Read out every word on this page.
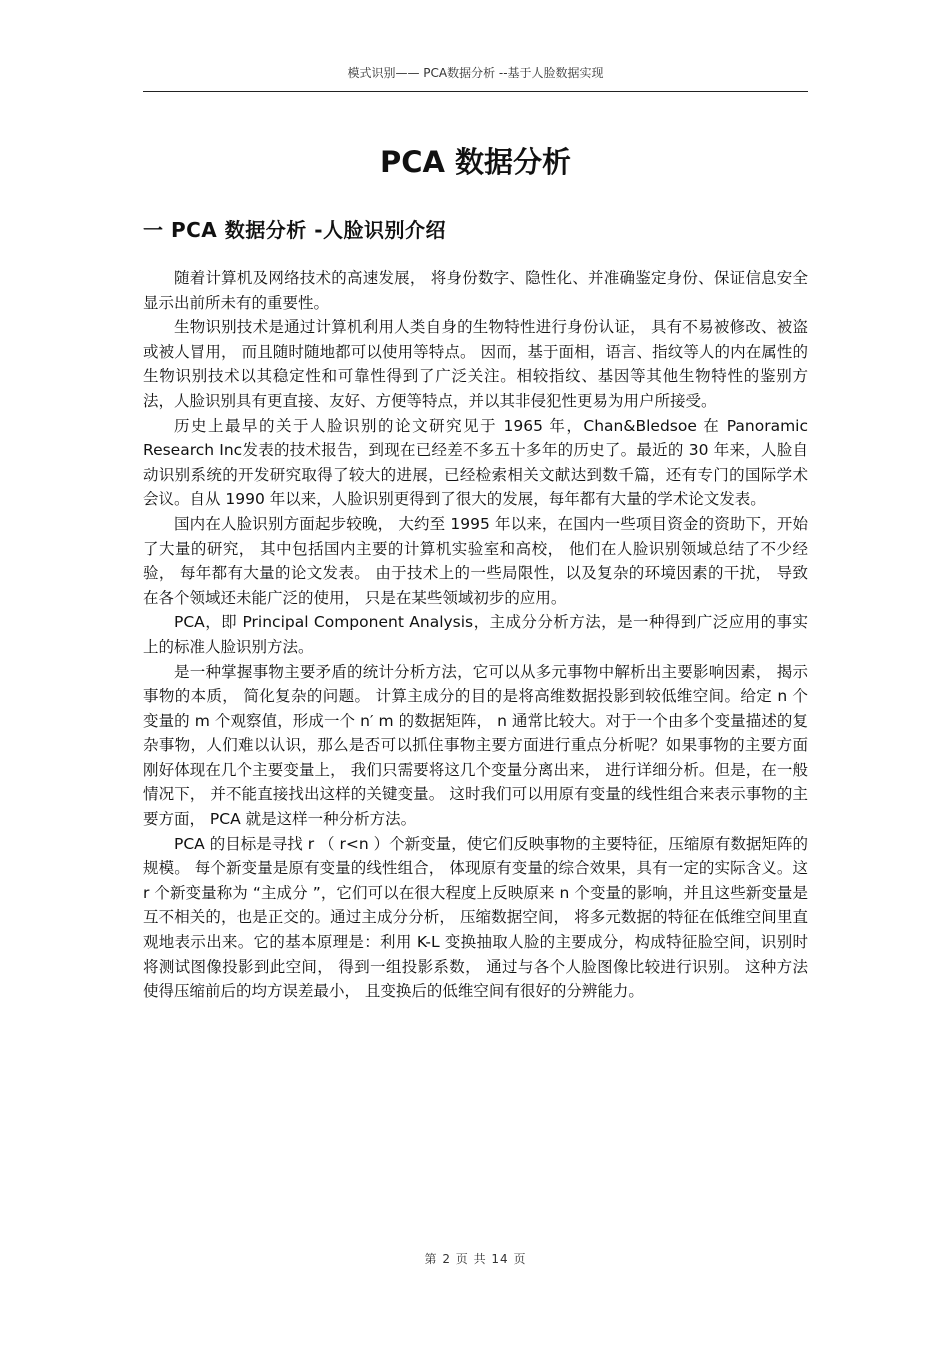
模式识别—— PCA数据分析 --基于人脸数据实现
PCA 数据分析
一 PCA 数据分析 -人脸识别介绍

随着计算机及网络技术的高速发展， 将身份数字、隐性化、并准确鉴定身份、保证信息安全显示出前所未有的重要性。

生物识别技术是通过计算机利用人类自身的生物特性进行身份认证， 具有不易被修改、被盗或被人冒用， 而且随时随地都可以使用等特点。 因而，基于面相，语言、指纹等人的内在属性的生物识别技术以其稳定性和可靠性得到了广泛关注。相较指纹、基因等其他生物特性的鉴别方法，人脸识别具有更直接、友好、方便等特点，并以其非侵犯性更易为用户所接受。

历史上最早的关于人脸识别的论文研究见于 1965 年，Chan&Bledsoe 在 Panoramic Research Inc发表的技术报告，到现在已经差不多五十多年的历史了。最近的 30 年来，人脸自动识别系统的开发研究取得了较大的进展，已经检索相关文献达到数千篇，还有专门的国际学术会议。自从 1990 年以来，人脸识别更得到了很大的发展，每年都有大量的学术论文发表。

国内在人脸识别方面起步较晚， 大约至 1995 年以来，在国内一些项目资金的资助下，开始了大量的研究， 其中包括国内主要的计算机实验室和高校， 他们在人脸识别领域总结了不少经验， 每年都有大量的论文发表。 由于技术上的一些局限性，以及复杂的环境因素的干扰， 导致在各个领域还未能广泛的使用， 只是在某些领域初步的应用。

PCA，即 Principal Component Analysis，主成分分析方法，是一种得到广泛应用的事实上的标准人脸识别方法。

是一种掌握事物主要矛盾的统计分析方法，它可以从多元事物中解析出主要影响因素， 揭示事物的本质， 简化复杂的问题。 计算主成分的目的是将高维数据投影到较低维空间。给定 n 个变量的 m 个观察值，形成一个 n′ m 的数据矩阵， n 通常比较大。对于一个由多个变量描述的复杂事物，人们难以认识，那么是否可以抓住事物主要方面进行重点分析呢？如果事物的主要方面刚好体现在几个主要变量上， 我们只需要将这几个变量分离出来， 进行详细分析。但是，在一般情况下， 并不能直接找出这样的关键变量。 这时我们可以用原有变量的线性组合来表示事物的主要方面， PCA 就是这样一种分析方法。

PCA 的目标是寻找 r （ r<n ）个新变量，使它们反映事物的主要特征，压缩原有数据矩阵的规模。 每个新变量是原有变量的线性组合， 体现原有变量的综合效果，具有一定的实际含义。这 r 个新变量称为 “主成分 ”，它们可以在很大程度上反映原来 n 个变量的影响，并且这些新变量是互不相关的，也是正交的。通过主成分分析， 压缩数据空间， 将多元数据的特征在低维空间里直观地表示出来。它的基本原理是：利用 K-L 变换抽取人脸的主要成分，构成特征脸空间，识别时将测试图像投影到此空间， 得到一组投影系数， 通过与各个人脸图像比较进行识别。 这种方法使得压缩前后的均方误差最小， 且变换后的低维空间有很好的分辨能力。

第 2 页 共 14 页
